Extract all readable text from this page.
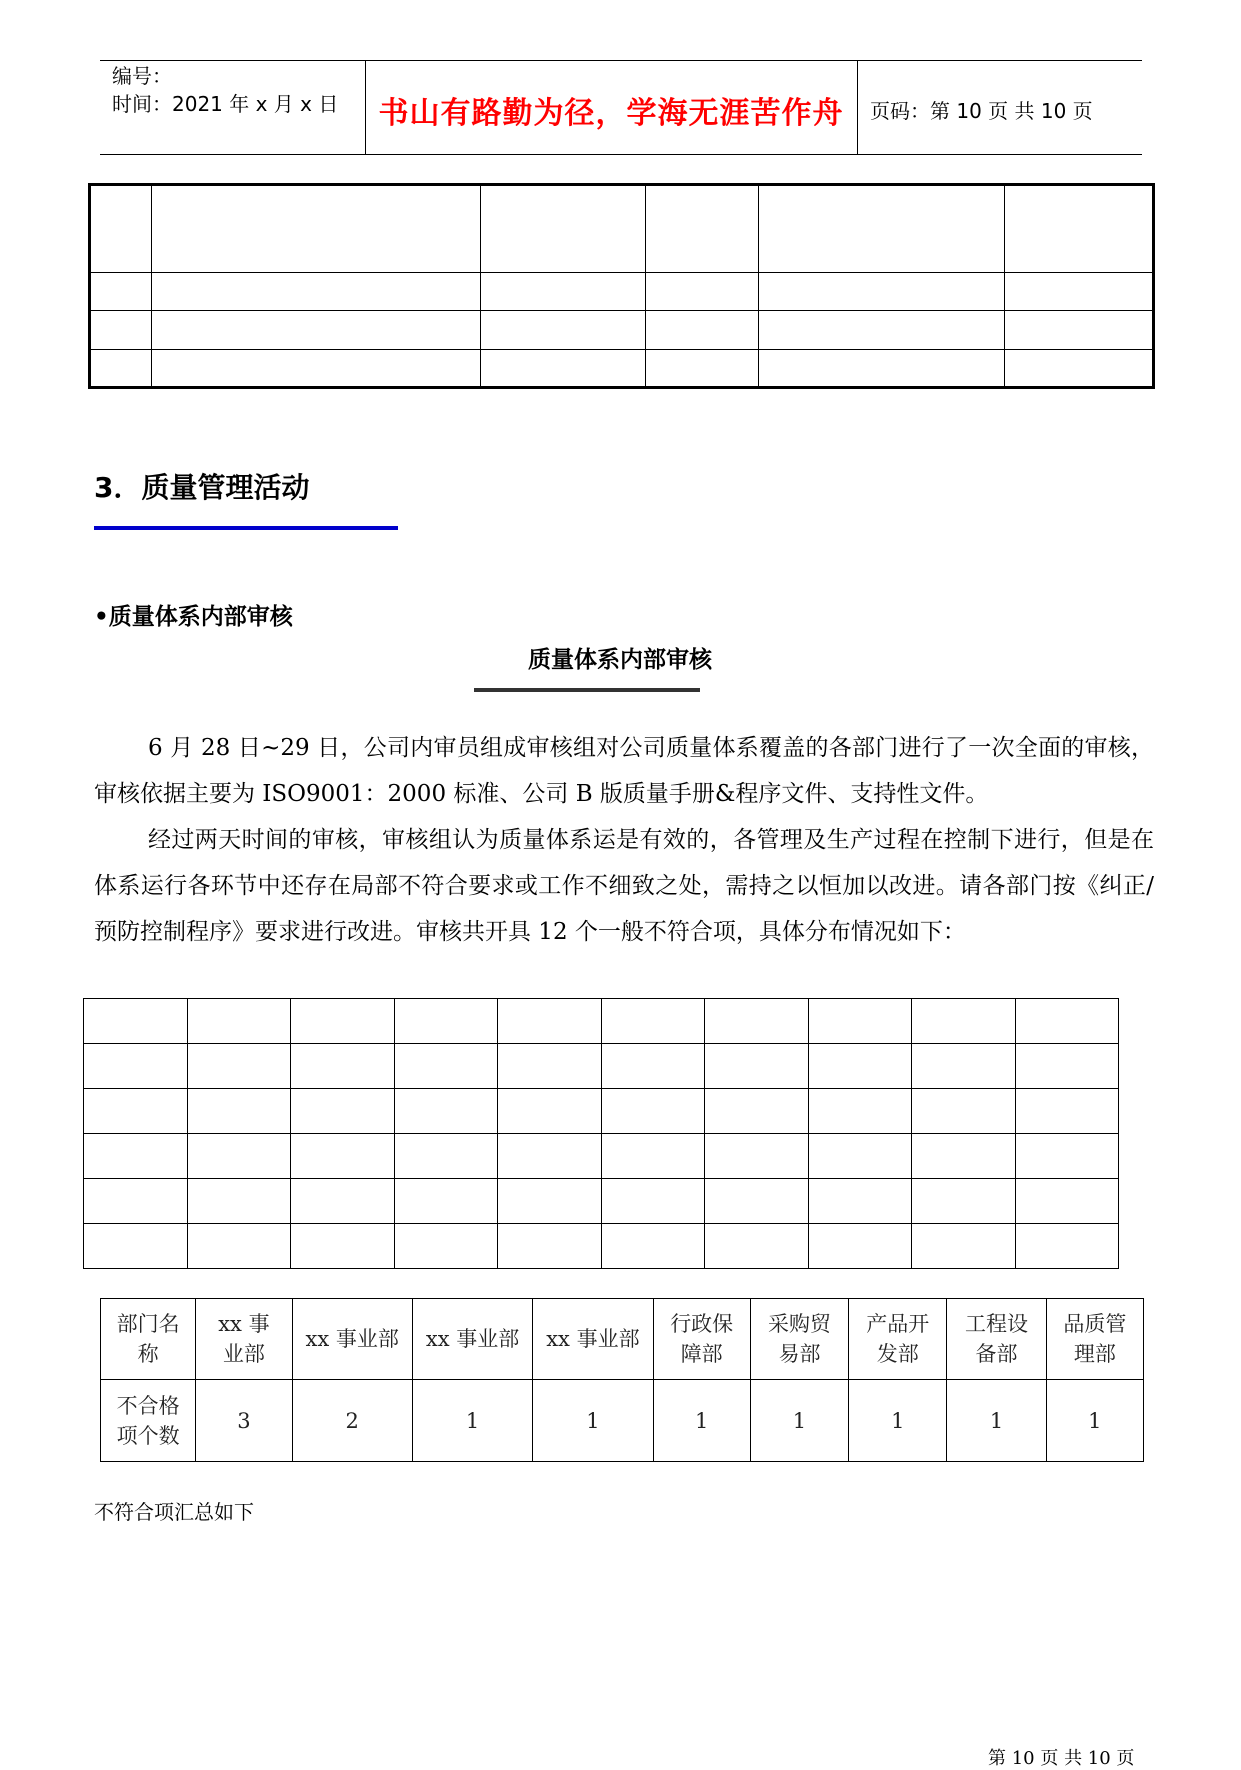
编号：
时间：2021 年 x 月 x 日	书山有路勤为径，学海无涯苦作舟	页码：第 10 页 共 10 页

3．质量管理活动
•质量体系内部审核
质量体系内部审核

6 月 28 日~29 日，公司内审员组成审核组对公司质量体系覆盖的各部门进行了一次全面的审核，审核依据主要为 ISO9001：2000 标准、公司 B 版质量手册&程序文件、支持性文件。

经过两天时间的审核，审核组认为质量体系运是有效的，各管理及生产过程在控制下进行，但是在体系运行各环节中还存在局部不符合要求或工作不细致之处，需持之以恒加以改进。请各部门按《纠正/预防控制程序》要求进行改进。审核共开具 12 个一般不符合项，具体分布情况如下：

部门名称	xx 事业部	xx 事业部	xx 事业部	xx 事业部	行政保障部	采购贸易部	产品开发部	工程设备部	品质管理部
不合格项个数	3	2	1	1	1	1	1	1	1
不符合项汇总如下
第 10 页 共 10 页
